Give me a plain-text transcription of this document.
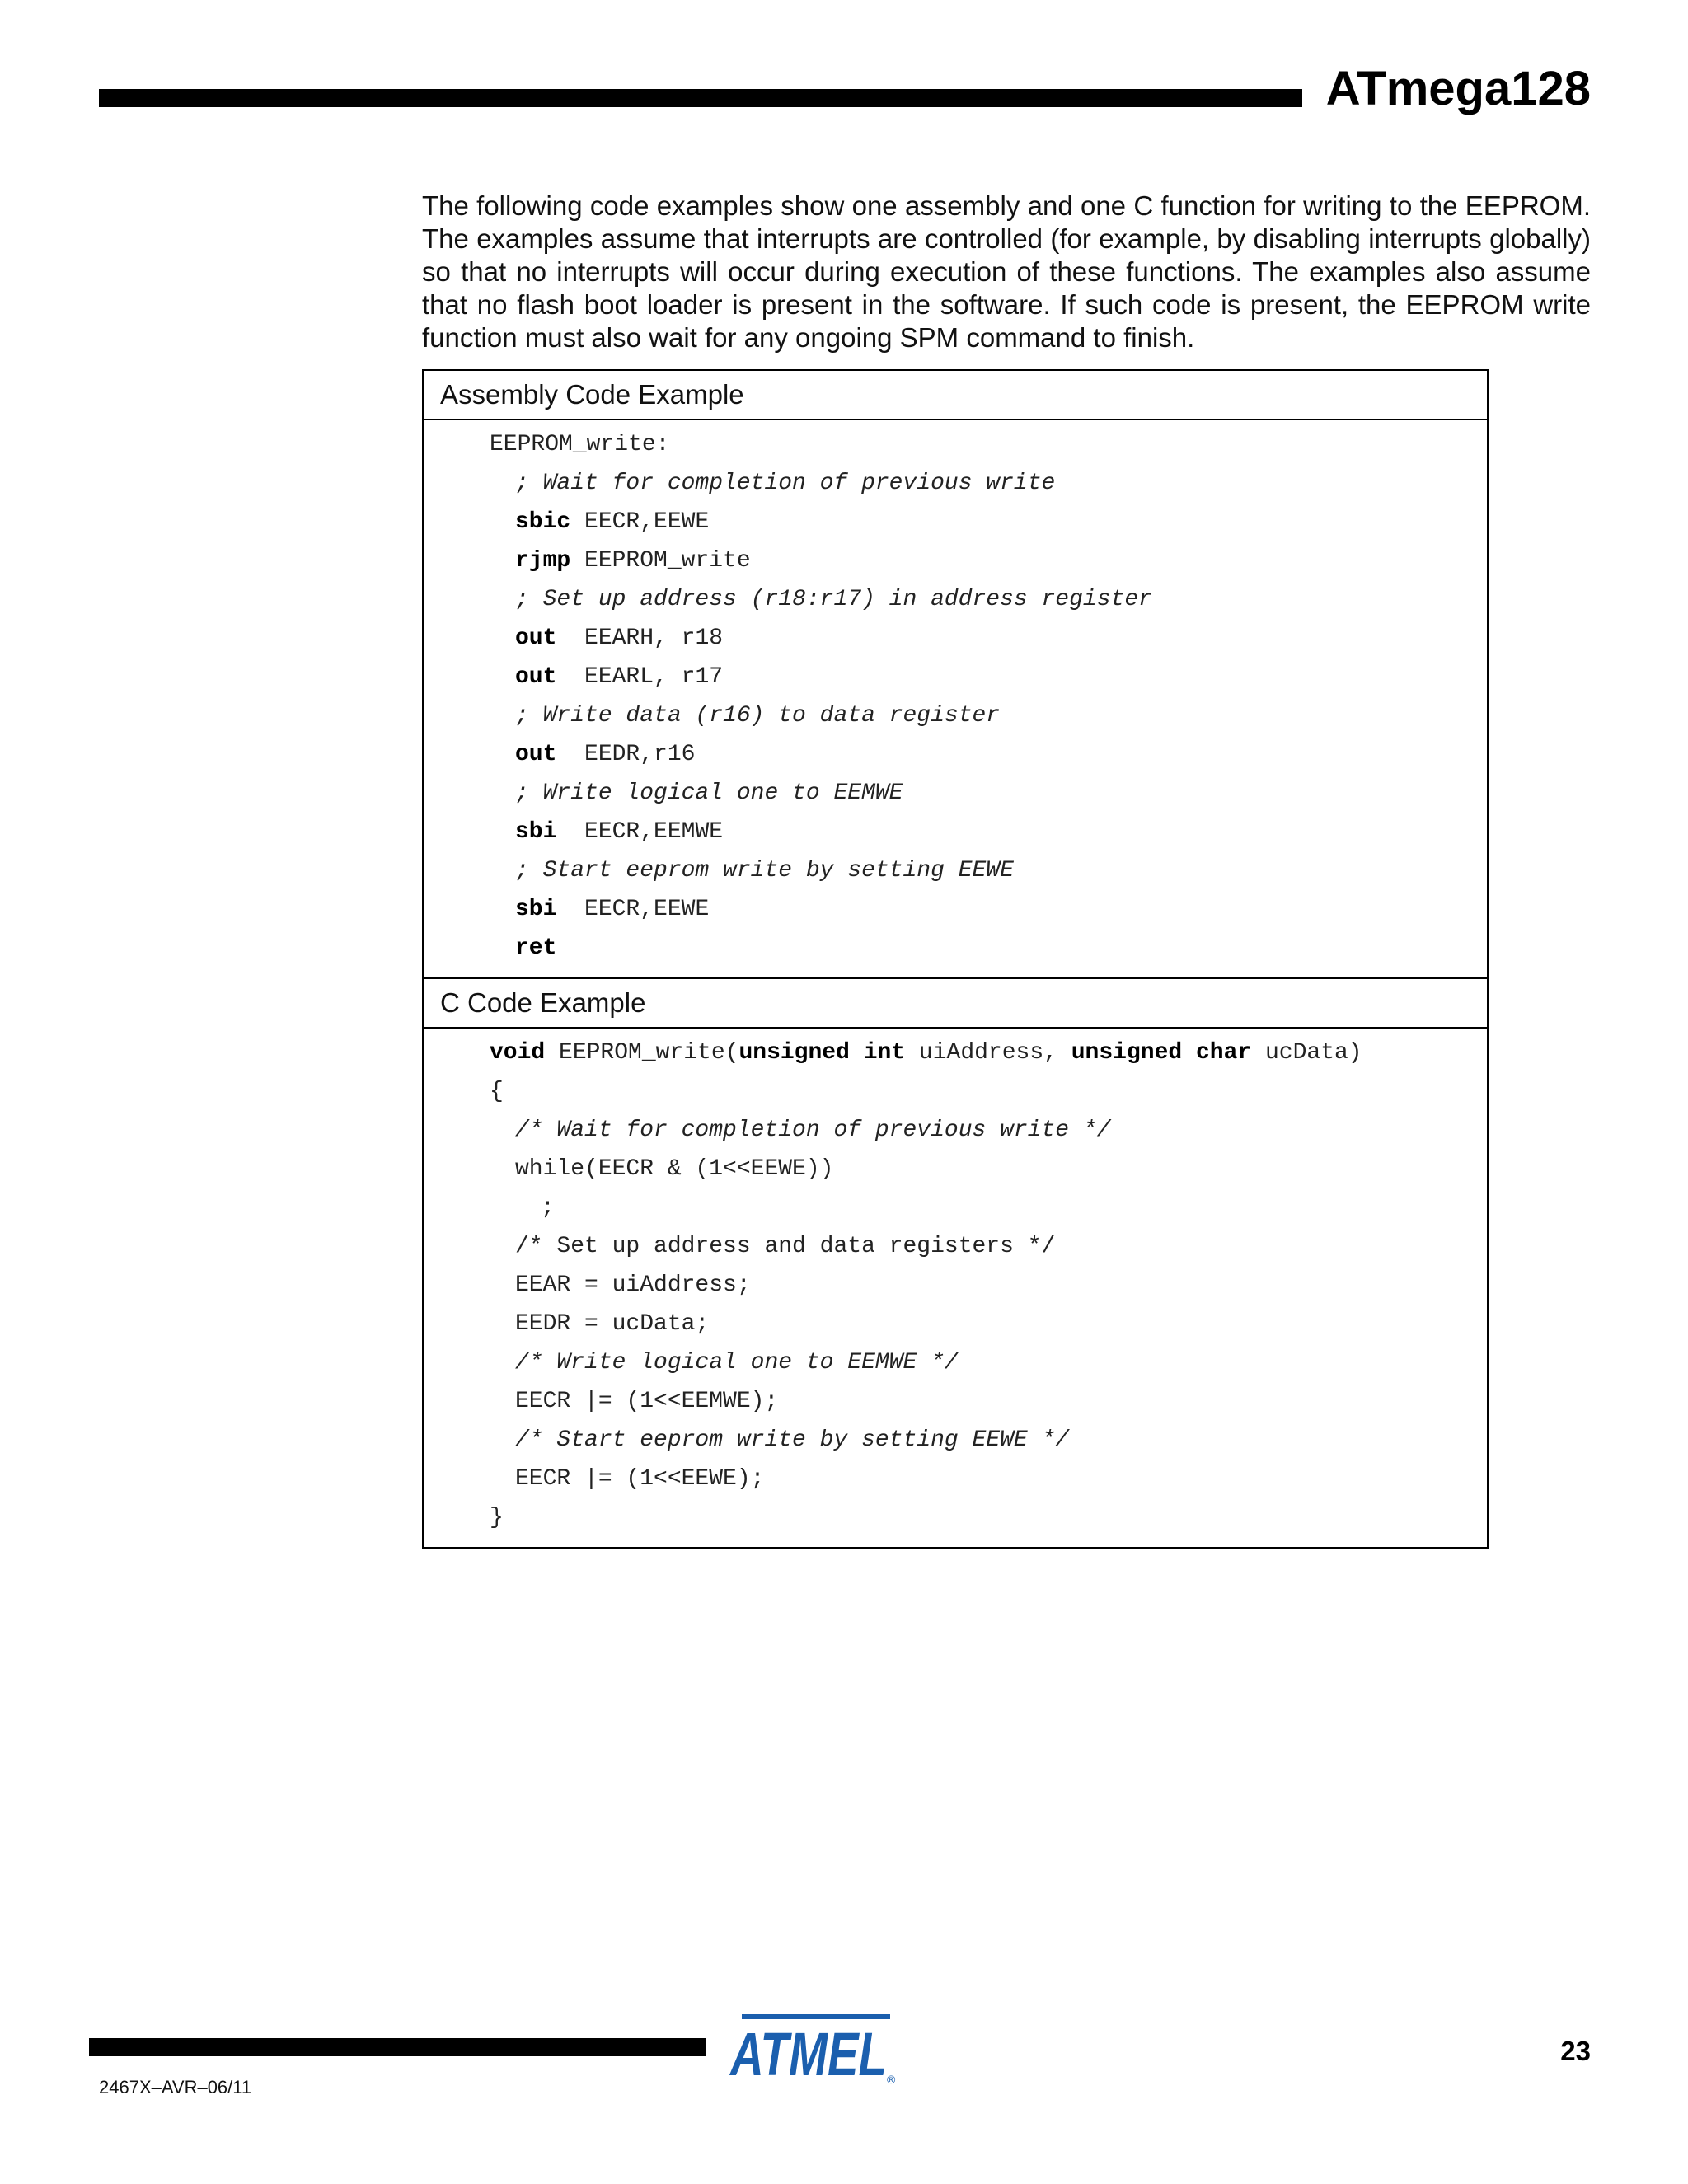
ATmega128
The following code examples show one assembly and one C function for writing to the EEPROM. The examples assume that interrupts are controlled (for example, by disabling interrupts globally) so that no interrupts will occur during execution of these functions. The examples also assume that no flash boot loader is present in the software. If such code is present, the EEPROM write function must also wait for any ongoing SPM command to finish.
Assembly Code Example
EEPROM_write:
; Wait for completion of previous write
sbic EECR,EEWE
rjmp EEPROM_write
; Set up address (r18:r17) in address register
out  EEARH, r18
out  EEARL, r17
; Write data (r16) to data register
out  EEDR,r16
; Write logical one to EEMWE
sbi  EECR,EEMWE
; Start eeprom write by setting EEWE
sbi  EECR,EEWE
ret
C Code Example
void EEPROM_write(unsigned int uiAddress, unsigned char ucData)
{
/* Wait for completion of previous write */
while(EECR & (1<<EEWE))
;
/* Set up address and data registers */
EEAR = uiAddress;
EEDR = ucData;
/* Write logical one to EEMWE */
EECR |= (1<<EEMWE);
/* Start eeprom write by setting EEWE */
EECR |= (1<<EEWE);
}
ATMEL ®
2467X–AVR–06/11
23
